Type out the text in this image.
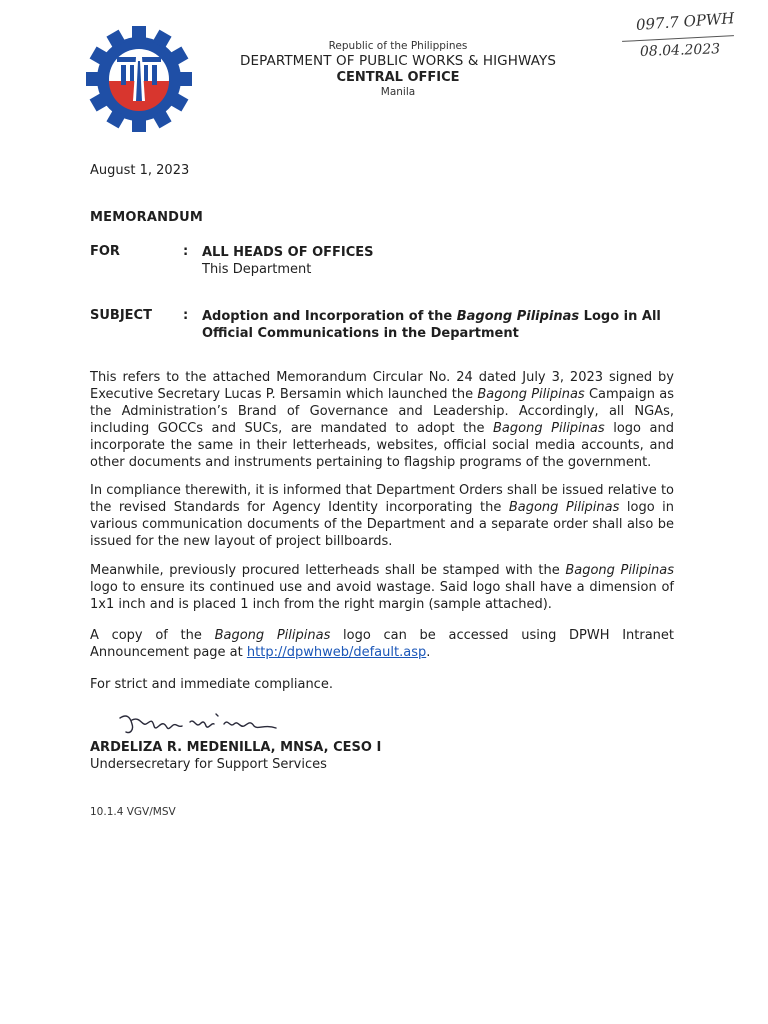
Republic of the Philippines
DEPARTMENT OF PUBLIC WORKS & HIGHWAYS
CENTRAL OFFICE
Manila
097.7 OPWH
08.04.2023
August 1, 2023
MEMORANDUM
FOR	: ALL HEADS OF OFFICES
This Department
SUBJECT : Adoption and Incorporation of the Bagong Pilipinas Logo in All Official Communications in the Department

This refers to the attached Memorandum Circular No. 24 dated July 3, 2023 signed by Executive Secretary Lucas P. Bersamin which launched the Bagong Pilipinas Campaign as the Administration’s Brand of Governance and Leadership. Accordingly, all NGAs, including GOCCs and SUCs, are mandated to adopt the Bagong Pilipinas logo and incorporate the same in their letterheads, websites, official social media accounts, and other documents and instruments pertaining to flagship programs of the government.

In compliance therewith, it is informed that Department Orders shall be issued relative to the revised Standards for Agency Identity incorporating the Bagong Pilipinas logo in various communication documents of the Department and a separate order shall also be issued for the new layout of project billboards.

Meanwhile, previously procured letterheads shall be stamped with the Bagong Pilipinas logo to ensure its continued use and avoid wastage. Said logo shall have a dimension of 1x1 inch and is placed 1 inch from the right margin (sample attached).

A copy of the Bagong Pilipinas logo can be accessed using DPWH Intranet Announcement page at http://dpwhweb/default.asp.

For strict and immediate compliance.

ARDELIZA R. MEDENILLA, MNSA, CESO I
Undersecretary for Support Services
10.1.4 VGV/MSV
